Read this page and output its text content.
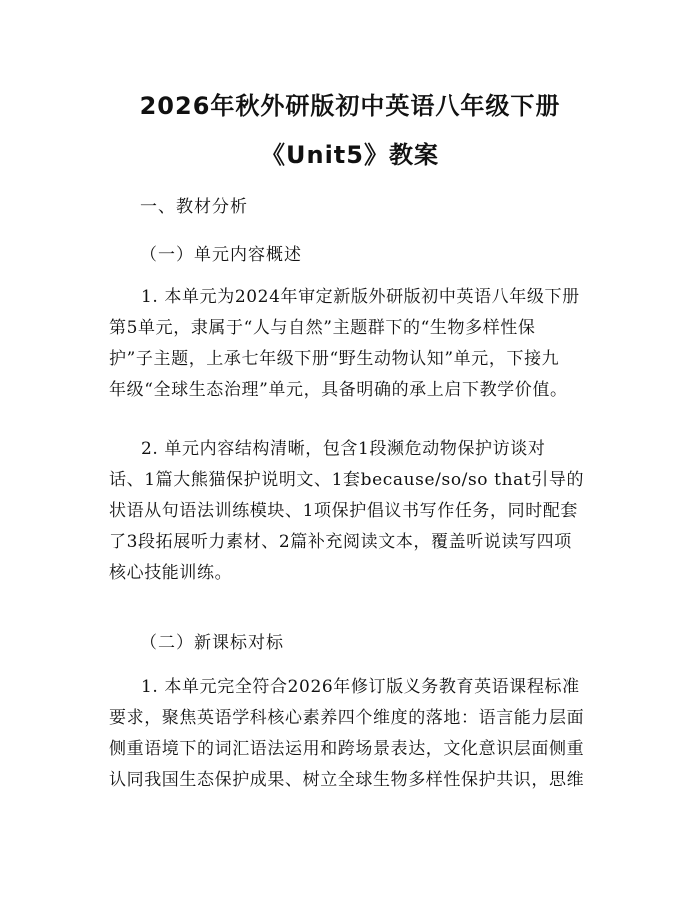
2026年秋外研版初中英语八年级下册
《Unit5》教案
一、教材分析
（一）单元内容概述
1. 本单元为2024年审定新版外研版初中英语八年级下册
第5单元，隶属于“人与自然”主题群下的“生物多样性保
护”子主题，上承七年级下册“野生动物认知”单元，下接九
年级“全球生态治理”单元，具备明确的承上启下教学价值。
2. 单元内容结构清晰，包含1段濒危动物保护访谈对
话、1篇大熊猫保护说明文、1套because/so/so that引导的
状语从句语法训练模块、1项保护倡议书写作任务，同时配套
了3段拓展听力素材、2篇补充阅读文本，覆盖听说读写四项
核心技能训练。
（二）新课标对标
1. 本单元完全符合2026年修订版义务教育英语课程标准
要求，聚焦英语学科核心素养四个维度的落地：语言能力层面
侧重语境下的词汇语法运用和跨场景表达，文化意识层面侧重
认同我国生态保护成果、树立全球生物多样性保护共识，思维
